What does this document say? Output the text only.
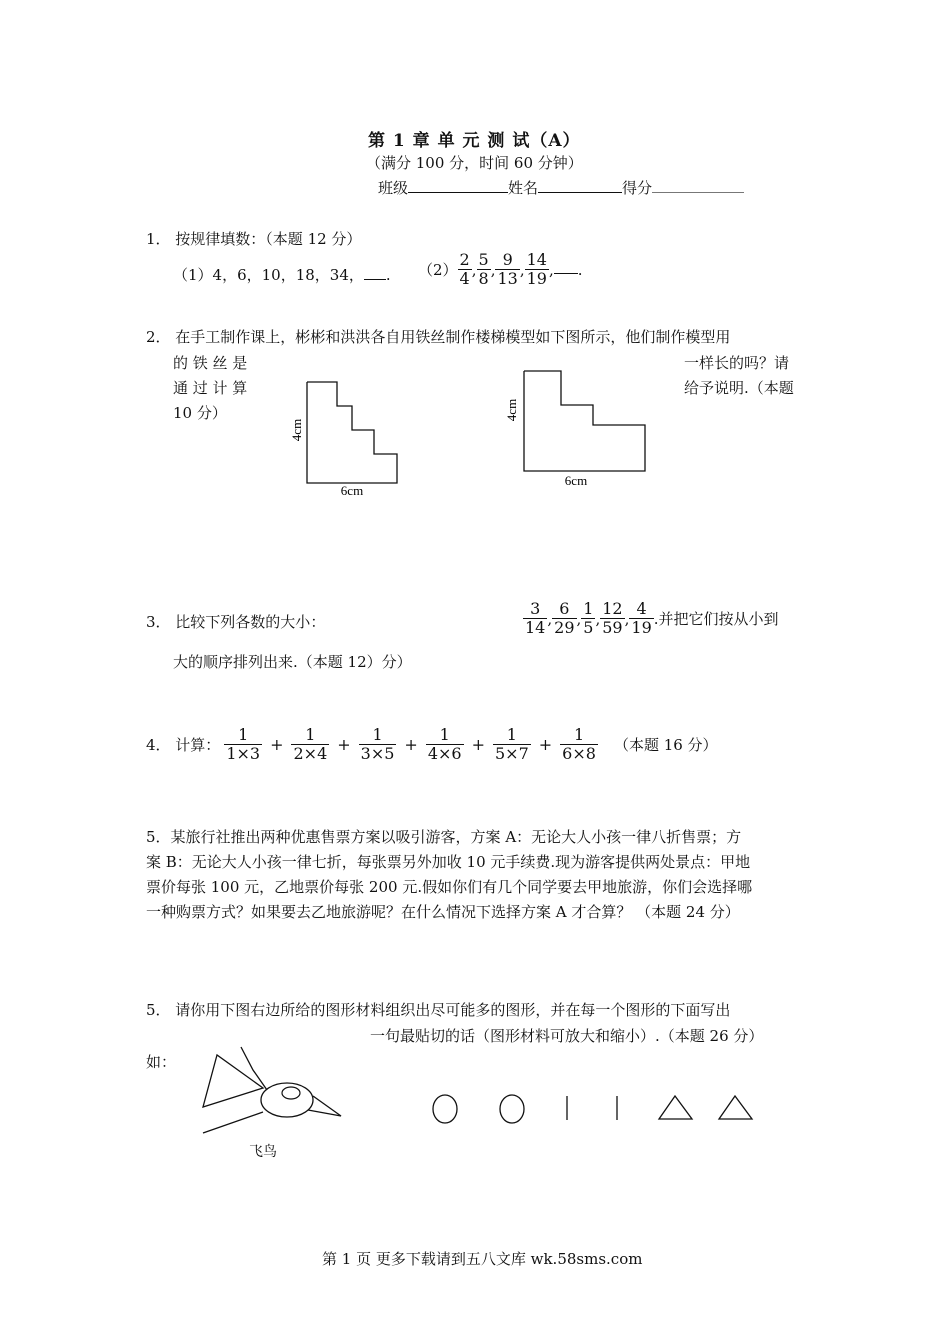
第 1 章 单 元 测 试（A）
（满分 100 分，时间 60 分钟）
班级	姓名	得分
1． 按规律填数：（本题 12 分）
（1）4，6，10，18，34， . $(2) \frac{2}{4}$ , $\frac{5}{8}$ , $\frac{9}{13}$ , $\frac{14}{19}$ , .
2． 在手工制作课上，彬彬和洪洪各自用铁丝制作楼梯模型如下图所示，他们制作模型用
的 铁 丝 是	一样长的吗？请
通 过 计 算	给予说明.（本题
10 分）
4cm
6cm
4cm
6cm
3． 比较下列各数的大小：	$\frac{3}{14}$ , $\frac{6}{29}$ , $\frac{1}{5}$ , $\frac{12}{59}$ , $\frac{4}{19}$ .并把它们按从小到
大的顺序排列出来.（本题 12）分）
4． 计算： $\frac{1}{1\times 3} + \frac{1}{2\times 4} + \frac{1}{3\times 5} + \frac{1}{4\times 6} + \frac{1}{5\times 7} + \frac{1}{6\times 8}$ （本题 16 分）
5．某旅行社推出两种优惠售票方案以吸引游客，方案 A：无论大人小孩一律八折售票；方
案 B：无论大人小孩一律七折，每张票另外加收 10 元手续费.现为游客提供两处景点：甲地
票价每张 100 元，乙地票价每张 200 元.假如你们有几个同学要去甲地旅游，你们会选择哪
一种购票方式？如果要去乙地旅游呢？在什么情况下选择方案 A 才合算？ （本题 24 分）
5． 请你用下图右边所给的图形材料组织出尽可能多的图形，并在每一个图形的下面写出
一句最贴切的话（图形材料可放大和缩小）.（本题 26 分）
如：
飞鸟
第 1 页 更多下载请到五八文库 wk.58sms.com
